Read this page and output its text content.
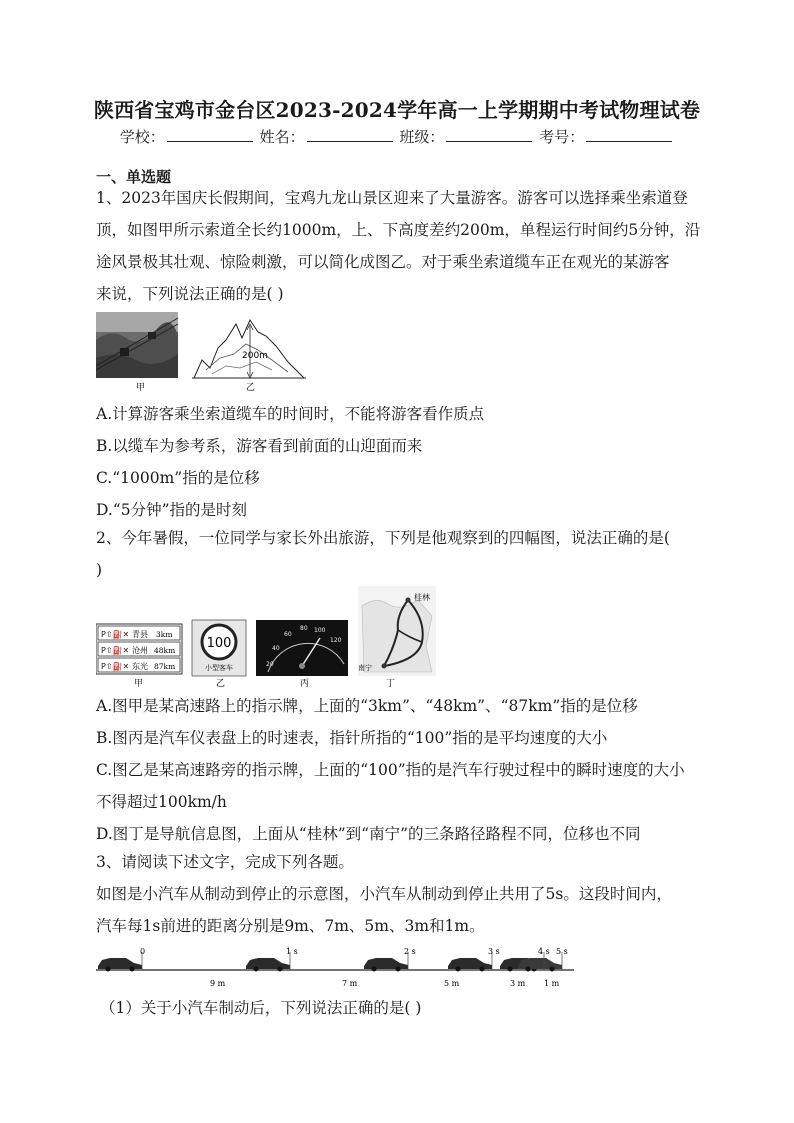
陕西省宝鸡市金台区2023-2024学年高一上学期期中考试物理试卷
学校：	姓名：	班级：	考号：
一、单选题
1、2023年国庆长假期间，宝鸡九龙山景区迎来了大量游客。游客可以选择乘坐索道登
顶，如图甲所示索道全长约1000m，上、下高度差约200m，单程运行时间约5分钟，沿
途风景极其壮观、惊险刺激，可以简化成图乙。对于乘坐索道缆车正在观光的某游客
来说，下列说法正确的是( )
甲
200m
乙
A.计算游客乘坐索道缆车的时间时，不能将游客看作质点
B.以缆车为参考系，游客看到前面的山迎面而来
C.“1000m”指的是位移
D.“5分钟”指的是时刻
2、今年暑假，一位同学与家长外出旅游，下列是他观察到的四幅图，说法正确的是(
)
P⇧⛽✕
P⇧⛽✕
P⇧⛽✕
青县 3km
沧州 48km
东光 87km
甲
100
小型客车
乙
40
60
80 100
120
20
丙
桂林
南宁
丁
A.图甲是某高速路上的指示牌，上面的“3km”、“48km”、“87km”指的是位移
B.图丙是汽车仪表盘上的时速表，指针所指的“100”指的是平均速度的大小
C.图乙是某高速路旁的指示牌，上面的“100”指的是汽车行驶过程中的瞬时速度的大小
不得超过100km/h
D.图丁是导航信息图，上面从“桂林”到“南宁”的三条路径路程不同，位移也不同
3、请阅读下述文字，完成下列各题。
如图是小汽车从制动到停止的示意图，小汽车从制动到停止共用了5s。这段时间内，
汽车每1s前进的距离分别是9m、7m、5m、3m和1m。
0	1 s	2 s	3 s	4 s 5 s
9 m	7 m	5 m	3 m 1 m
（1）关于小汽车制动后，下列说法正确的是( )
